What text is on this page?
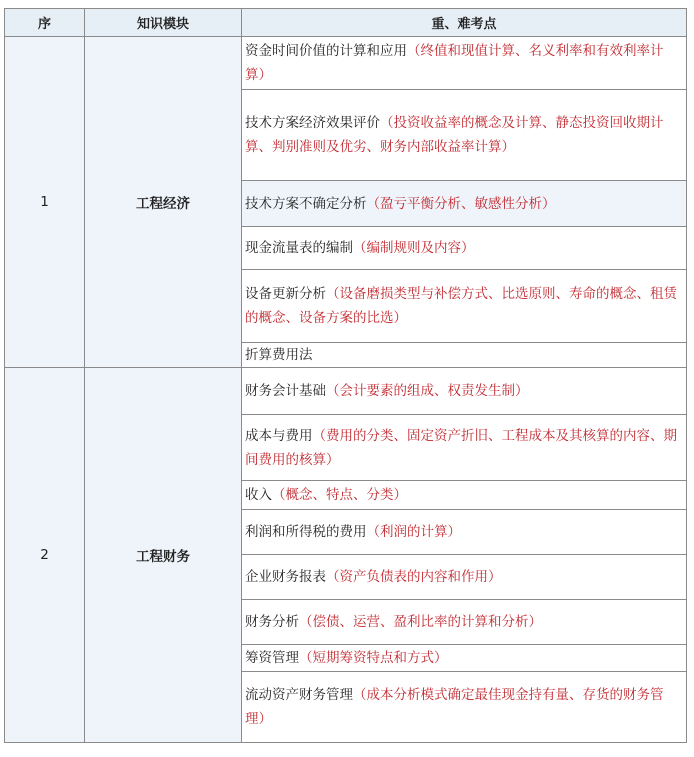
序	知识模块	重、难考点
1	工程经济	资金时间价值的计算和应用（终值和现值计算、名义利率和有效利率计算）
		技术方案经济效果评价（投资收益率的概念及计算、静态投资回收期计算、判别准则及优劣、财务内部收益率计算）
		技术方案不确定分析（盈亏平衡分析、敏感性分析）
		现金流量表的编制（编制规则及内容）
		设备更新分析（设备磨损类型与补偿方式、比选原则、寿命的概念、租赁的概念、设备方案的比选）
		折算费用法
2	工程财务	财务会计基础（会计要素的组成、权责发生制）
		成本与费用（费用的分类、固定资产折旧、工程成本及其核算的内容、期间费用的核算）
		收入（概念、特点、分类）
		利润和所得税的费用（利润的计算）
		企业财务报表（资产负债表的内容和作用）
		财务分析（偿债、运营、盈利比率的计算和分析）
		筹资管理（短期筹资特点和方式）
		流动资产财务管理（成本分析模式确定最佳现金持有量、存货的财务管理）
